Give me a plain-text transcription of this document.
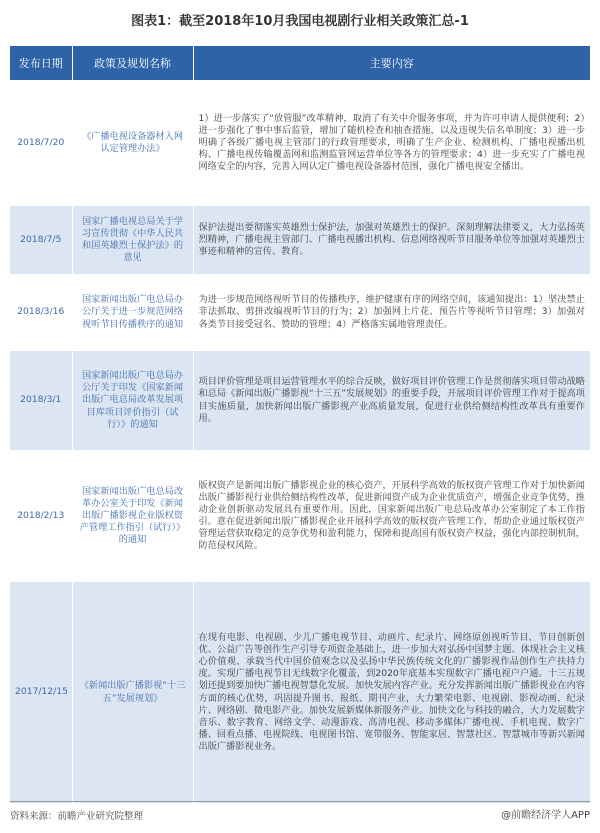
图表1：截至2018年10月我国电视剧行业相关政策汇总-1
发布日期	政策及规划名称	主要内容
2018/7/20	《广播电视设备器材入网认定管理办法》	1）进一步落实了“放管服”改革精神，取消了有关中介服务事项，并为许可申请人提供便利；2）进一步强化了事中事后监管，增加了随机检查和抽查措施，以及违规失信名单制度；3）进一步明确了各级广播电视主管部门的行政管理要求，明确了生产企业、检测机构、广播电视播出机构、广播电视传输覆盖网和监测监管网运营单位等各方的管理要求；4）进一步充实了广播电视网络安全的内容，完善入网认定广播电视设备器材范围，强化广播电视安全播出。
2018/7/5	国家广播电视总局关于学习宣传贯彻《中华人民共和国英雄烈士保护法》的意见	保护法提出要彻落实英雄烈士保护法，加强对英雄烈士的保护。深刻理解法律要义，大力弘扬英烈精神，广播电视主管部门、广播电视播出机构、信息网络视听节目服务单位等加强对英雄烈士事迹和精神的宣传、教育。
2018/3/16	国家新闻出版广电总局办公厅关于进一步规范网络视听节目传播秩序的通知	为进一步规范网络视听节目的传播秩序，维护健康有序的网络空间，该通知提出：1）坚决禁止非法抓取、剪拼改编视听节目的行为；2）加强网上片花、预告片等视听节目管理；3）加强对各类节目接受冠名、赞助的管理；4）严格落实属地管理责任。
2018/3/1	国家新闻出版广电总局办公厅关于印发《国家新闻出版广电总局改革发展项目库项目评价指引（试行）》的通知	项目评价管理是项目运营管理水平的综合反映，做好项目评价管理工作是贯彻落实项目带动战略和总局《新闻出版广播影视“十三五”发展规划》的重要手段，开展项目评价管理工作对于提高项目实施质量，加快新闻出版广播影视产业高质量发展，促进行业供给侧结构性改革具有重要作用。
2018/2/13	国家新闻出版广电总局改革办公室关于印发《新闻出版广播影视企业版权资产管理工作指引（试行）》的通知	版权资产是新闻出版广播影视企业的核心资产，开展科学高效的版权资产管理工作对于加快新闻出版广播影视行业供给侧结构性改革，促进新闻资产成为企业优质资产，增强企业竞争优势，推动企业创新驱动发展具有重要作用。因此，国家新闻出版广电总局改革办公室制定了本工作指引。意在促进新闻出版广播影视企业开展科学高效的版权资产管理工作，帮助企业通过版权资产管理运营获取稳定的竞争优势和盈利能力，保障和提高国有版权资产权益，强化内部控制机制，防范侵权风险。
2017/12/15	《新闻出版广播影视“十三五”发展规划》	在现有电影、电视剧、少儿广播电视节目、动画片、纪录片、网络原创视听节目、节目创新创优、公益广告等创作生产引导专项资金基础上，进一步加大对弘扬中国梦主题、体现社会主义核心价值观、承载当代中国价值观念以及弘扬中华民族传统文化的广播影视作品创作生产扶持力度。实现广播电视节目无线数字化覆盖，到2020年底基本实现数字广播电视户户通。十三五规划还提到要加快广播电视智慧化发展。加快发展内容产业。充分发挥新闻出版广播影视业在内容方面的核心优势，巩固提升图书、报纸、期刊产业，大力繁荣电影、电视剧、影视动画、纪录片、网络剧、微电影产业。加快发展新媒体新服务产业。加快文化与科技的融合，大力发展数字音乐、数字教育、网络文学、动漫游戏、高清电视、移动多媒体广播电视、手机电视、数字广播、回看点播、电视院线、电视图书馆、宽带服务、智能家居、智慧社区、智慧城市等新兴新闻出版广播影视业务。
资料来源：前瞻产业研究院整理	@前瞻经济学人APP
